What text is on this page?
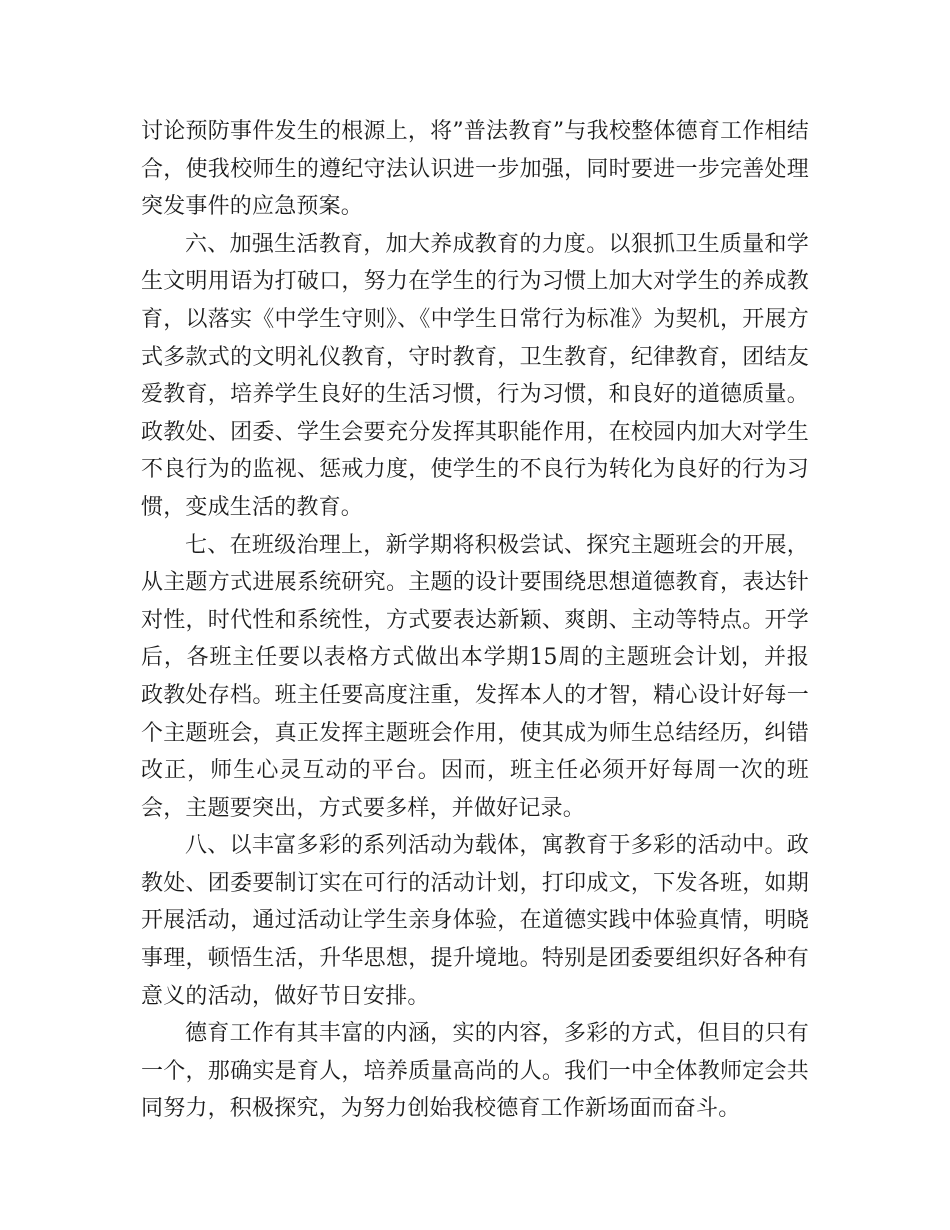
讨论预防事件发生的根源上，将”普法教育”与我校整体德育工作相结合，使我校师生的遵纪守法认识进一步加强，同时要进一步完善处理突发事件的应急预案。

六、加强生活教育，加大养成教育的力度。以狠抓卫生质量和学生文明用语为打破口，努力在学生的行为习惯上加大对学生的养成教育，以落实《中学生守则》、《中学生日常行为标准》为契机，开展方式多款式的文明礼仪教育，守时教育，卫生教育，纪律教育，团结友爱教育，培养学生良好的生活习惯，行为习惯，和良好的道德质量。政教处、团委、学生会要充分发挥其职能作用，在校园内加大对学生不良行为的监视、惩戒力度，使学生的不良行为转化为良好的行为习惯，变成生活的教育。

七、在班级治理上，新学期将积极尝试、探究主题班会的开展，从主题方式进展系统研究。主题的设计要围绕思想道德教育，表达针对性，时代性和系统性，方式要表达新颖、爽朗、主动等特点。开学后，各班主任要以表格方式做出本学期15周的主题班会计划，并报政教处存档。班主任要高度注重，发挥本人的才智，精心设计好每一个主题班会，真正发挥主题班会作用，使其成为师生总结经历，纠错改正，师生心灵互动的平台。因而，班主任必须开好每周一次的班会，主题要突出，方式要多样，并做好记录。

八、以丰富多彩的系列活动为载体，寓教育于多彩的活动中。政教处、团委要制订实在可行的活动计划，打印成文，下发各班，如期开展活动，通过活动让学生亲身体验，在道德实践中体验真情，明晓事理，顿悟生活，升华思想，提升境地。特别是团委要组织好各种有意义的活动，做好节日安排。

德育工作有其丰富的内涵，实的内容，多彩的方式，但目的只有一个，那确实是育人，培养质量高尚的人。我们一中全体教师定会共同努力，积极探究，为努力创始我校德育工作新场面而奋斗。
